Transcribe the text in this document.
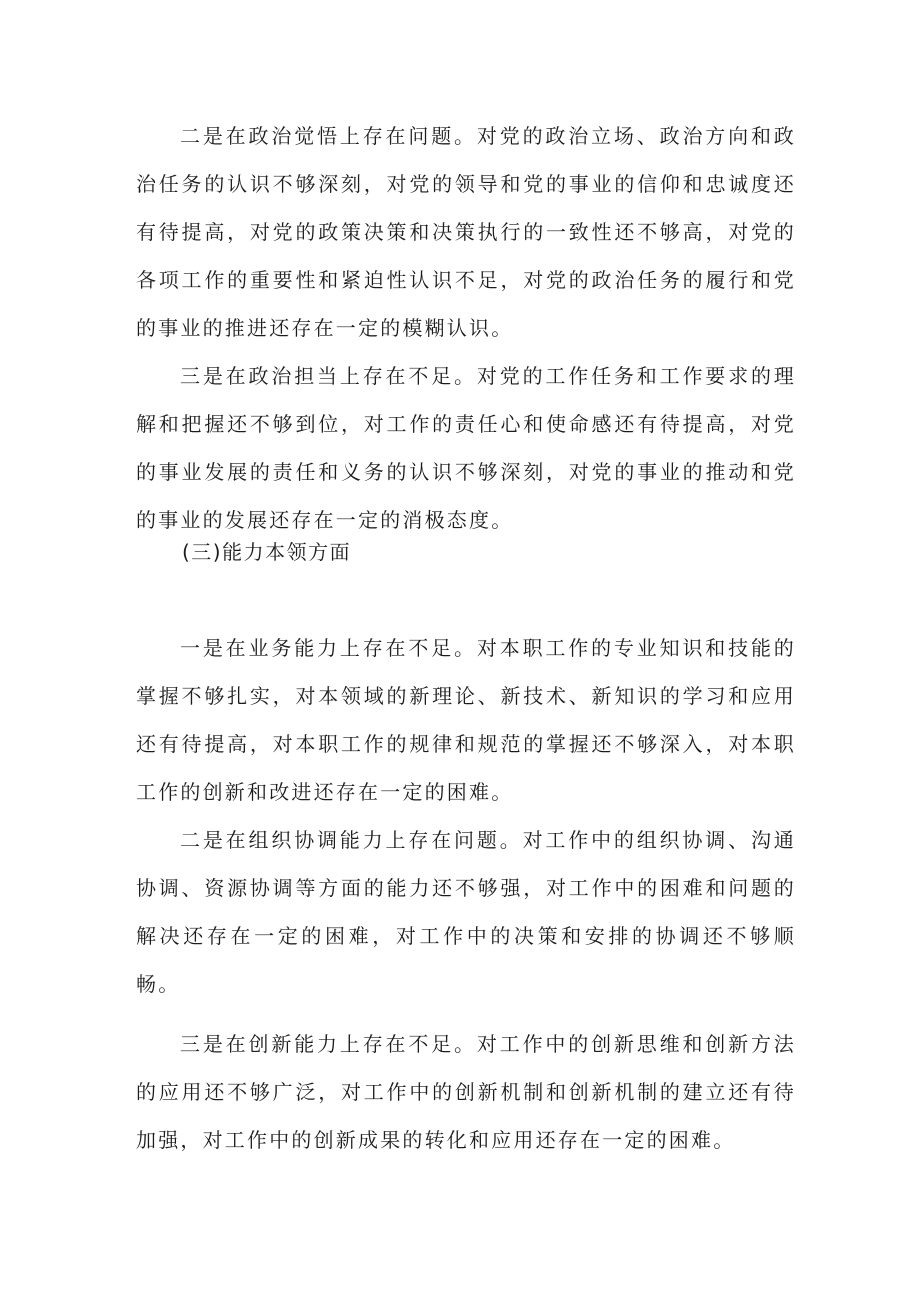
二是在政治觉悟上存在问题。对党的政治立场、政治方向和政治任务的认识不够深刻，对党的领导和党的事业的信仰和忠诚度还有待提高，对党的政策决策和决策执行的一致性还不够高，对党的各项工作的重要性和紧迫性认识不足，对党的政治任务的履行和党的事业的推进还存在一定的模糊认识。

三是在政治担当上存在不足。对党的工作任务和工作要求的理解和把握还不够到位，对工作的责任心和使命感还有待提高，对党的事业发展的责任和义务的认识不够深刻，对党的事业的推动和党的事业的发展还存在一定的消极态度。

(三)能力本领方面

一是在业务能力上存在不足。对本职工作的专业知识和技能的掌握不够扎实，对本领域的新理论、新技术、新知识的学习和应用还有待提高，对本职工作的规律和规范的掌握还不够深入，对本职工作的创新和改进还存在一定的困难。

二是在组织协调能力上存在问题。对工作中的组织协调、沟通协调、资源协调等方面的能力还不够强，对工作中的困难和问题的解决还存在一定的困难，对工作中的决策和安排的协调还不够顺畅。

三是在创新能力上存在不足。对工作中的创新思维和创新方法的应用还不够广泛，对工作中的创新机制和创新机制的建立还有待加强，对工作中的创新成果的转化和应用还存在一定的困难。
